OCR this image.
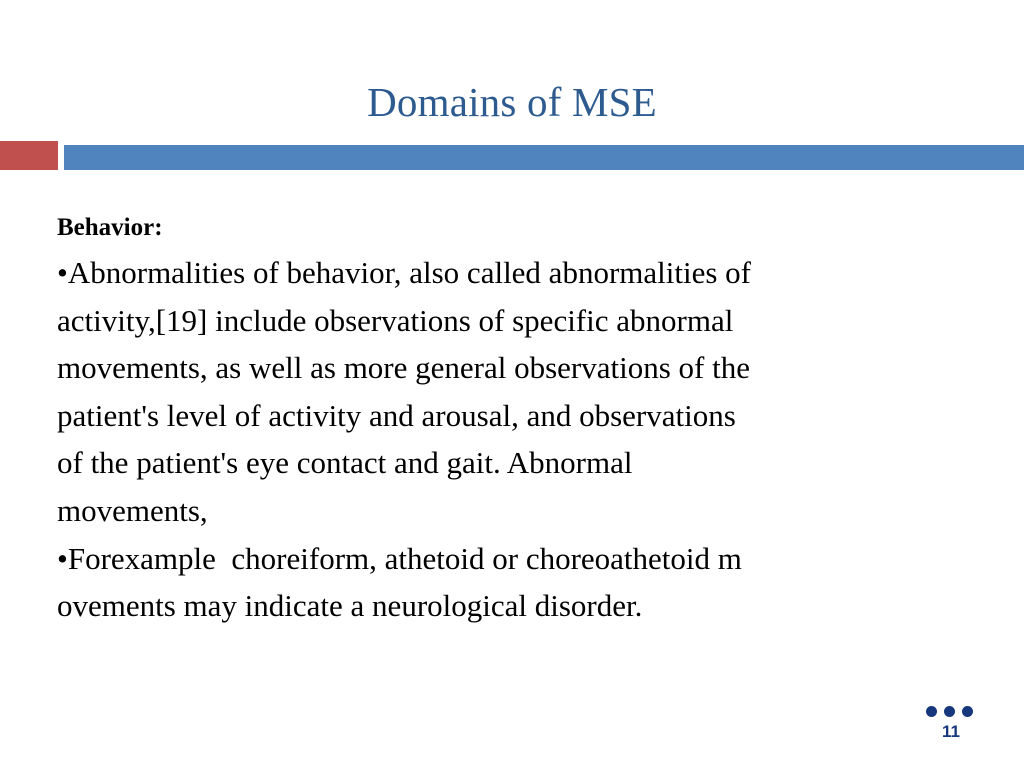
Domains of MSE
Behavior:
•Abnormalities of behavior, also called abnormalities of
activity,[19] include observations of specific abnormal
movements, as well as more general observations of the
patient's level of activity and arousal, and observations
of the patient's eye contact and gait. Abnormal
movements,
•Forexample  choreiform, athetoid or choreoathetoid m
ovements may indicate a neurological disorder.
11
